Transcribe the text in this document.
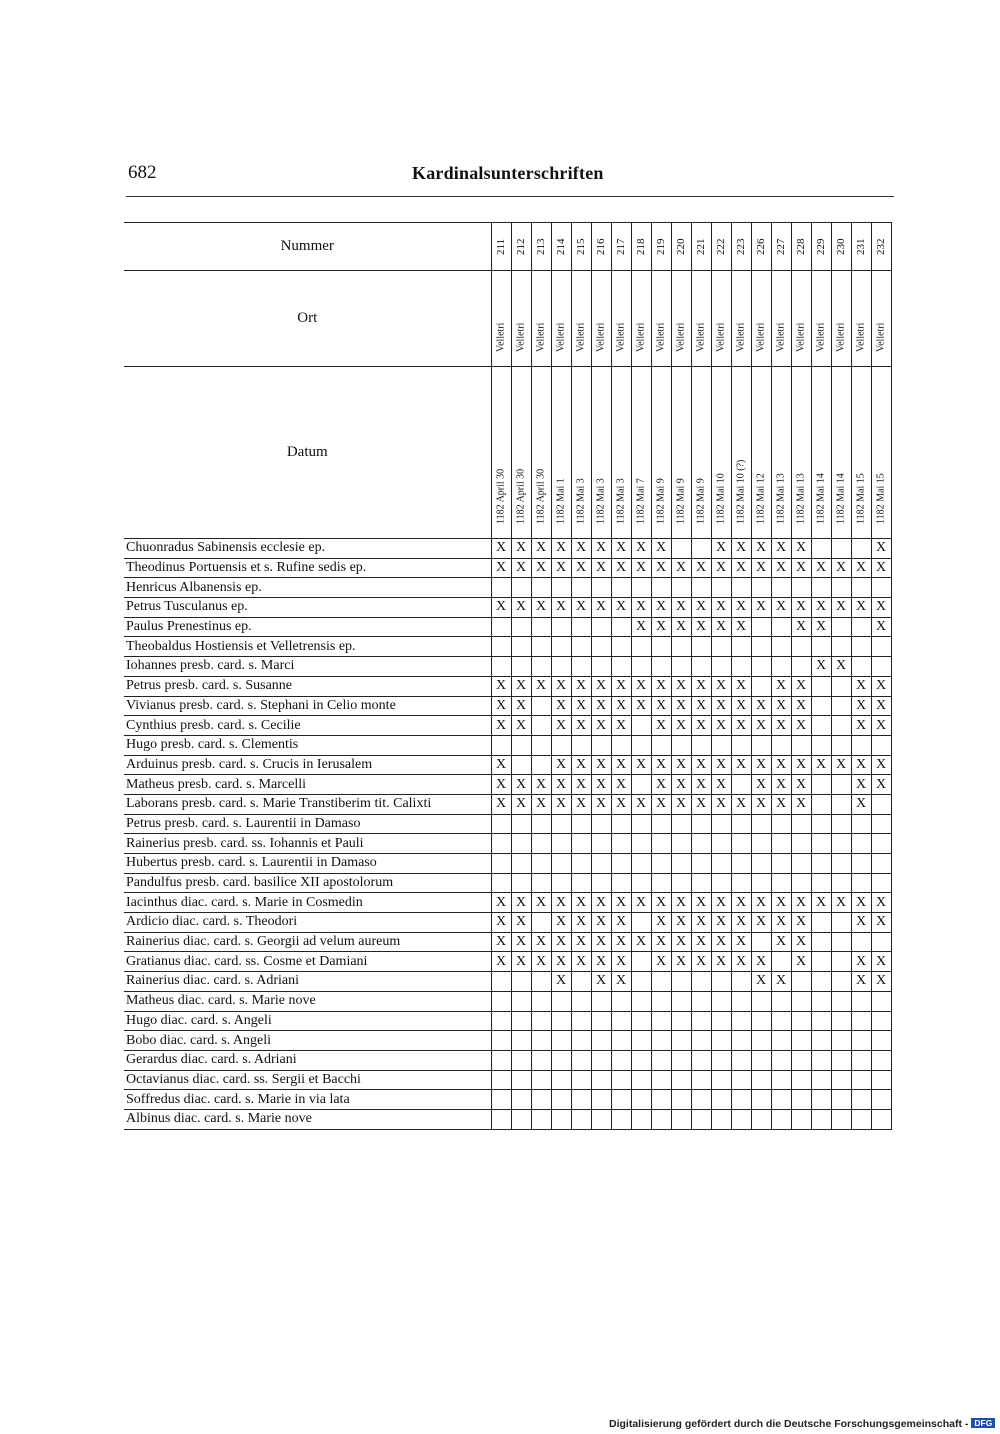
682	Kardinalsunterschriften
Nummer	211	212	213	214	215	216	217	218	219	220	221	222	223	226	227	228	229	230	231	232

Ort	Velletri	Velletri	Velletri	Velletri	Velletri	Velletri	Velletri	Velletri	Velletri	Velletri	Velletri	Velletri	Velletri	Velletri	Velletri	Velletri	Velletri	Velletri	Velletri	Velletri

Datum	1182 April 30	1182 April 30	1182 April 30	1182 Mai 1	1182 Mai 3	1182 Mai 3	1182 Mai 3	1182 Mai 7	1182 Mai 9	1182 Mai 9	1182 Mai 9	1182 Mai 10	1182 Mai 10 (?)	1182 Mai 12	1182 Mai 13	1182 Mai 13	1182 Mai 14	1182 Mai 14	1182 Mai 15	1182 Mai 15

Chuonradus Sabinensis ecclesie ep.	X	X	X	X	X	X	X	X	X			X	X	X	X	X				X
Theodinus Portuensis et s. Rufine sedis ep.	X	X	X	X	X	X	X	X	X	X	X	X	X	X	X	X	X	X	X	X
Henricus Albanensis ep.																				
Petrus Tusculanus ep.	X	X	X	X	X	X	X	X	X	X	X	X	X	X	X	X	X	X	X	X
Paulus Prenestinus ep.								X	X	X	X	X	X			X	X			X
Theobaldus Hostiensis et Velletrensis ep.																				
Iohannes presb. card. s. Marci																	X	X		
Petrus presb. card. s. Susanne	X	X	X	X	X	X	X	X	X	X	X	X	X		X	X			X	X
Vivianus presb. card. s. Stephani in Celio monte	X	X		X	X	X	X	X	X	X	X	X	X	X	X	X			X	X
Cynthius presb. card. s. Cecilie	X	X		X	X	X	X		X	X	X	X	X	X	X	X			X	X
Hugo presb. card. s. Clementis																				
Arduinus presb. card. s. Crucis in Ierusalem	X			X	X	X	X	X	X	X	X	X	X	X	X	X	X	X	X	X
Matheus presb. card. s. Marcelli	X	X	X	X	X	X	X		X	X	X	X		X	X	X			X	X
Laborans presb. card. s. Marie Transtiberim tit. Calixti	X	X	X	X	X	X	X	X	X	X	X	X	X	X	X	X			X	
Petrus presb. card. s. Laurentii in Damaso																				
Rainerius presb. card. ss. Iohannis et Pauli																				
Hubertus presb. card. s. Laurentii in Damaso																				
Pandulfus presb. card. basilice XII apostolorum																				
Iacinthus diac. card. s. Marie in Cosmedin	X	X	X	X	X	X	X	X	X	X	X	X	X	X	X	X	X	X	X	X
Ardicio diac. card. s. Theodori	X	X		X	X	X	X		X	X	X	X	X	X	X	X			X	X
Rainerius diac. card. s. Georgii ad velum aureum	X	X	X	X	X	X	X	X	X	X	X	X	X		X	X				
Gratianus diac. card. ss. Cosme et Damiani	X	X	X	X	X	X	X		X	X	X	X	X	X		X			X	X
Rainerius diac. card. s. Adriani				X		X	X							X	X				X	X
Matheus diac. card. s. Marie nove																				
Hugo diac. card. s. Angeli																				
Bobo diac. card. s. Angeli																				
Gerardus diac. card. s. Adriani																				
Octavianus diac. card. ss. Sergii et Bacchi																				
Soffredus diac. card. s. Marie in via lata																				
Albinus diac. card. s. Marie nove																				
Digitalisierung gefördert durch die Deutsche Forschungsgemeinschaft - DFG
